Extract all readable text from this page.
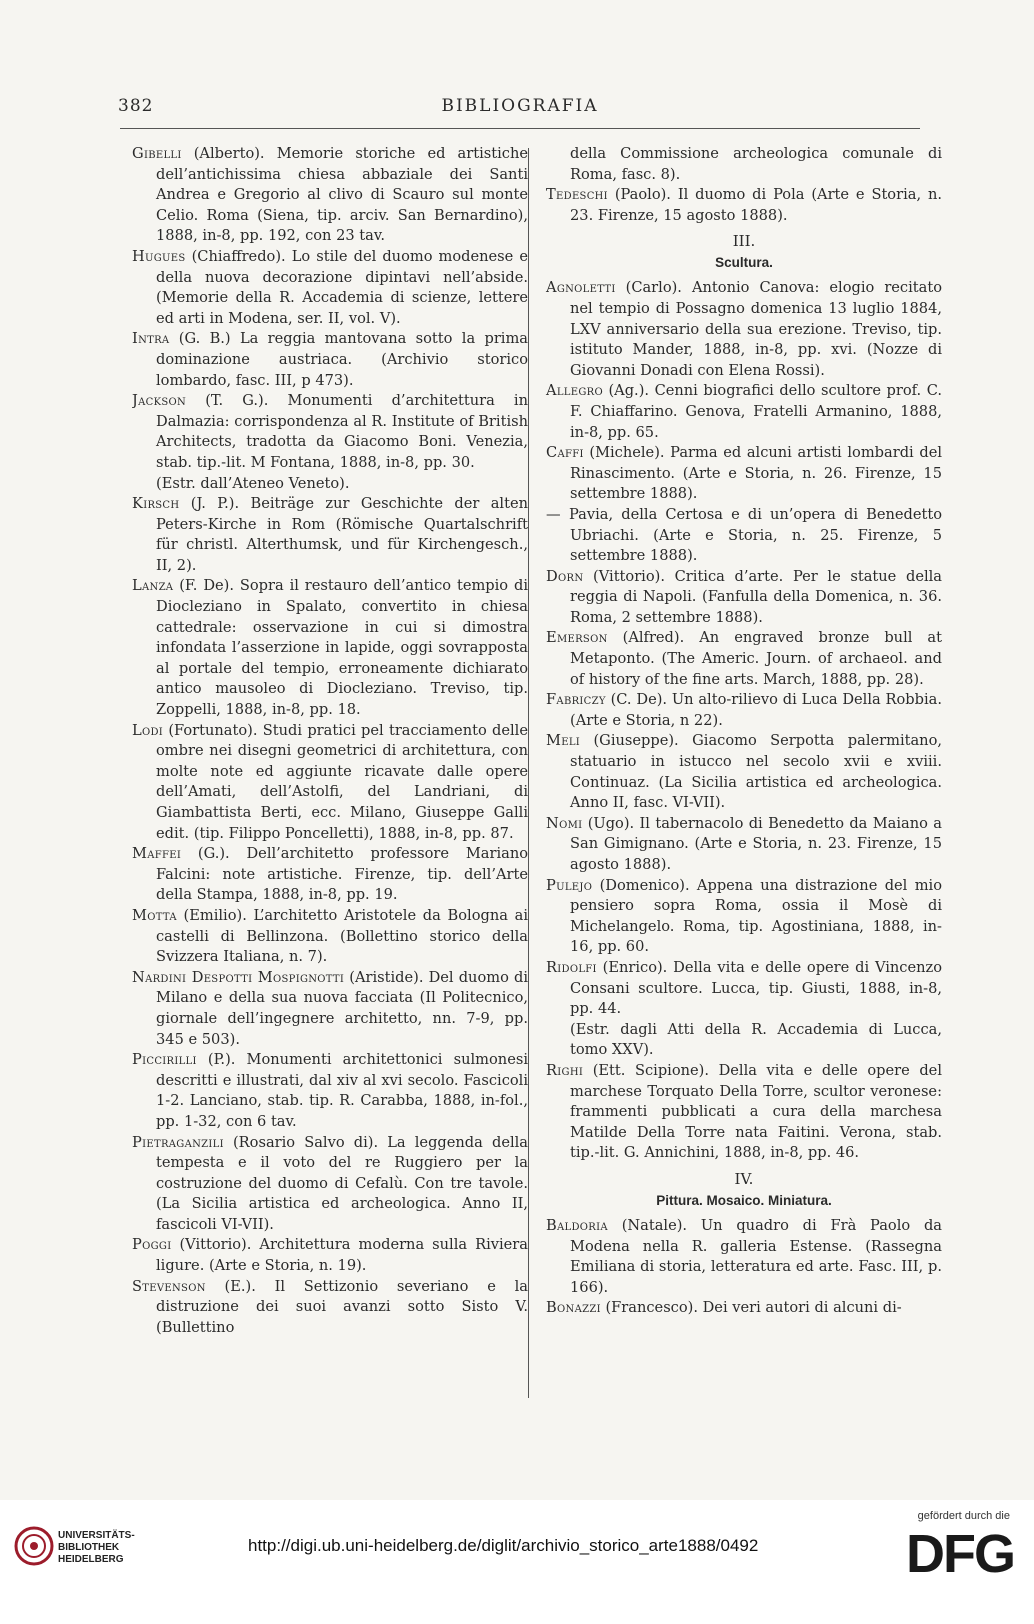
382	BIBLIOGRAFIA

Gibelli (Alberto). Memorie storiche ed artistiche dell’antichissima chiesa abbaziale dei Santi Andrea e Gregorio al clivo di Scauro sul monte Celio. Roma (Siena, tip. arciv. San Bernardino), 1888, in-8, pp. 192, con 23 tav.

Hugues (Chiaffredo). Lo stile del duomo modenese e della nuova decorazione dipintavi nell’abside. (Memorie della R. Accademia di scienze, lettere ed arti in Modena, ser. II, vol. V).

Intra (G. B.) La reggia mantovana sotto la prima dominazione austriaca. (Archivio storico lombardo, fasc. III, p 473).

Jackson (T. G.). Monumenti d’architettura in Dalmazia: corrispondenza al R. Institute of British Architects, tradotta da Giacomo Boni. Venezia, stab. tip.-lit. M Fontana, 1888, in-8, pp. 30.

(Estr. dall’Ateneo Veneto).

Kirsch (J. P.). Beiträge zur Geschichte der alten Peters-Kirche in Rom (Römische Quartalschrift für christl. Alterthumsk, und für Kirchengesch., II, 2).

Lanza (F. De). Sopra il restauro dell’antico tempio di Diocleziano in Spalato, convertito in chiesa cattedrale: osservazione in cui si dimostra infondata l’asserzione in lapide, oggi sovrapposta al portale del tempio, erroneamente dichiarato antico mausoleo di Diocleziano. Treviso, tip. Zoppelli, 1888, in-8, pp. 18.

Lodi (Fortunato). Studi pratici pel tracciamento delle ombre nei disegni geometrici di architettura, con molte note ed aggiunte ricavate dalle opere dell’Amati, dell’Astolfi, del Landriani, di Giambattista Berti, ecc. Milano, Giuseppe Galli edit. (tip. Filippo Poncelletti), 1888, in-8, pp. 87.

Maffei (G.). Dell’architetto professore Mariano Falcini: note artistiche. Firenze, tip. dell’Arte della Stampa, 1888, in-8, pp. 19.

Motta (Emilio). L’architetto Aristotele da Bologna ai castelli di Bellinzona. (Bollettino storico della Svizzera Italiana, n. 7).

Nardini Despotti Mospignotti (Aristide). Del duomo di Milano e della sua nuova facciata (Il Politecnico, giornale dell’ingegnere architetto, nn. 7-9, pp. 345 e 503).

Piccirilli (P.). Monumenti architettonici sulmonesi descritti e illustrati, dal xiv al xvi secolo. Fascicoli 1-2. Lanciano, stab. tip. R. Carabba, 1888, in-fol., pp. 1-32, con 6 tav.

Pietraganzili (Rosario Salvo di). La leggenda della tempesta e il voto del re Ruggiero per la costruzione del duomo di Cefalù. Con tre tavole. (La Sicilia artistica ed archeologica. Anno II, fascicoli VI-VII).

Poggi (Vittorio). Architettura moderna sulla Riviera ligure. (Arte e Storia, n. 19).

Stevenson (E.). Il Settizonio severiano e la distruzione dei suoi avanzi sotto Sisto V. (Bullettino

della Commissione archeologica comunale di Roma, fasc. 8).

Tedeschi (Paolo). Il duomo di Pola (Arte e Storia, n. 23. Firenze, 15 agosto 1888).

III.
Scultura.

Agnoletti (Carlo). Antonio Canova: elogio recitato nel tempio di Possagno domenica 13 luglio 1884, LXV anniversario della sua erezione. Treviso, tip. istituto Mander, 1888, in-8, pp. xvi. (Nozze di Giovanni Donadi con Elena Rossi).

Allegro (Ag.). Cenni biografici dello scultore prof. C. F. Chiaffarino. Genova, Fratelli Armanino, 1888, in-8, pp. 65.

Caffi (Michele). Parma ed alcuni artisti lombardi del Rinascimento. (Arte e Storia, n. 26. Firenze, 15 settembre 1888).

— Pavia, della Certosa e di un’opera di Benedetto Ubriachi. (Arte e Storia, n. 25. Firenze, 5 settembre 1888).

Dorn (Vittorio). Critica d’arte. Per le statue della reggia di Napoli. (Fanfulla della Domenica, n. 36. Roma, 2 settembre 1888).

Emerson (Alfred). An engraved bronze bull at Metaponto. (The Americ. Journ. of archaeol. and of history of the fine arts. March, 1888, pp. 28).

Fabriczy (C. De). Un alto-rilievo di Luca Della Robbia. (Arte e Storia, n 22).

Meli (Giuseppe). Giacomo Serpotta palermitano, statuario in istucco nel secolo xvii e xviii. Continuaz. (La Sicilia artistica ed archeologica. Anno II, fasc. VI-VII).

Nomi (Ugo). Il tabernacolo di Benedetto da Maiano a San Gimignano. (Arte e Storia, n. 23. Firenze, 15 agosto 1888).

Pulejo (Domenico). Appena una distrazione del mio pensiero sopra Roma, ossia il Mosè di Michelangelo. Roma, tip. Agostiniana, 1888, in-16, pp. 60.

Ridolfi (Enrico). Della vita e delle opere di Vincenzo Consani scultore. Lucca, tip. Giusti, 1888, in-8, pp. 44.

(Estr. dagli Atti della R. Accademia di Lucca, tomo XXV).

Righi (Ett. Scipione). Della vita e delle opere del marchese Torquato Della Torre, scultor veronese: frammenti pubblicati a cura della marchesa Matilde Della Torre nata Faitini. Verona, stab. tip.-lit. G. Annichini, 1888, in-8, pp. 46.

IV.
Pittura. Mosaico. Miniatura.

Baldoria (Natale). Un quadro di Frà Paolo da Modena nella R. galleria Estense. (Rassegna Emiliana di storia, letteratura ed arte. Fasc. III, p. 166).

Bonazzi (Francesco). Dei veri autori di alcuni di-

UNIVERSITÄTS-
BIBLIOTHEK
HEIDELBERG
http://digi.ub.uni-heidelberg.de/diglit/archivio_storico_arte1888/0492
gefördert durch die
DFG
